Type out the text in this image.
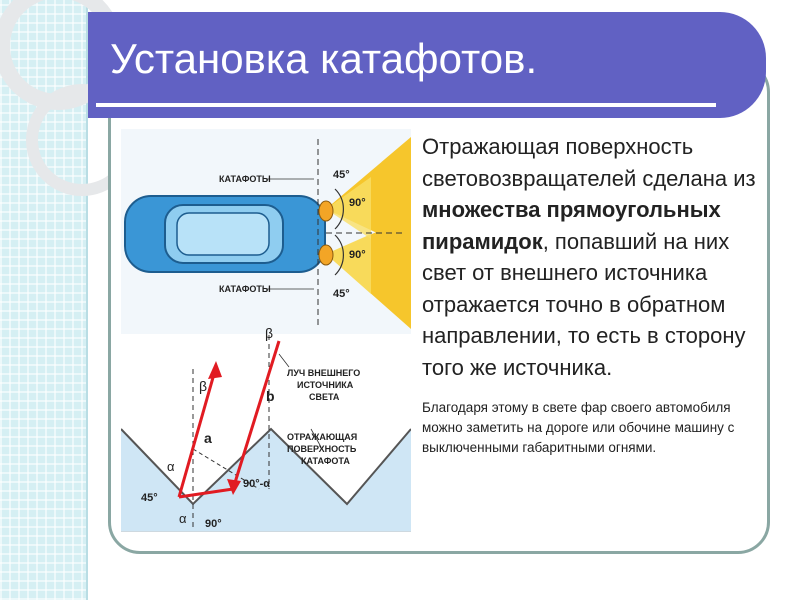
Установка катафотов.
КАТАФОТЫ
КАТАФОТЫ
45°
90°
90°
45°
β
β
b
a
α
α
45°
90°
90°-α
ЛУЧ ВНЕШНЕГО
ИСТОЧНИКА
СВЕТА
ОТРАЖАЮЩАЯ
ПОВЕРХНОСТЬ
КАТАФОТА
Отражающая поверхность световозвращателей сделана из множества прямоугольных пирамидок, попавший на них свет от внешнего источника отражается точно в обратном направлении, то есть в сторону того же источника.
Благодаря этому в свете фар своего автомобиля можно заметить на дороге или обочине машину с выключенными габаритными огнями.
